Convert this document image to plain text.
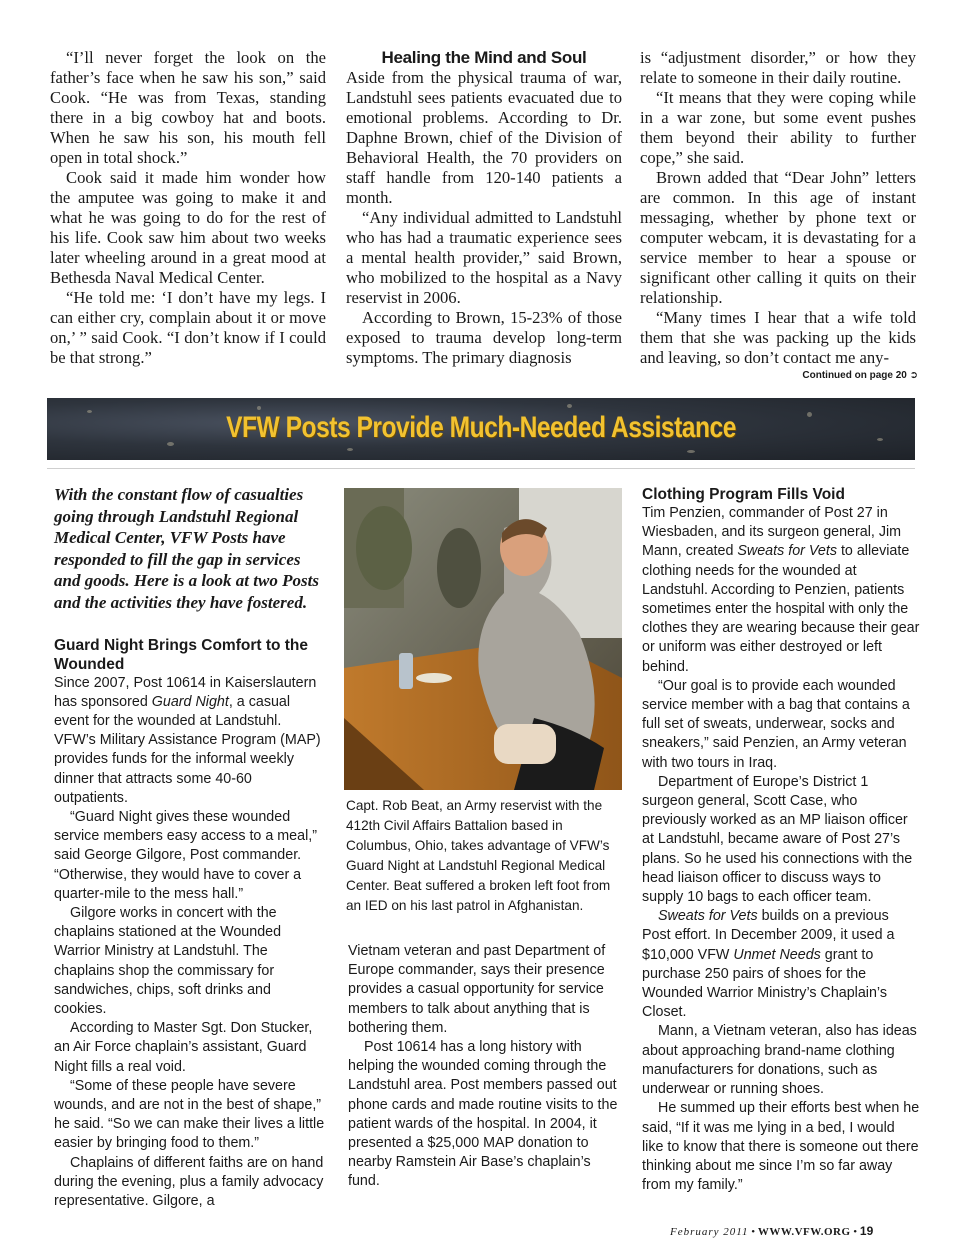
“I’ll never forget the look on the father’s face when he saw his son,” said Cook. “He was from Texas, standing there in a big cowboy hat and boots. When he saw his son, his mouth fell open in total shock.”

Cook said it made him wonder how the amputee was going to make it and what he was going to do for the rest of his life. Cook saw him about two weeks later wheeling around in a great mood at Bethesda Naval Medical Center.

“He told me: ‘I don’t have my legs. I can either cry, complain about it or move on,’ ” said Cook. “I don’t know if I could be that strong.”

Healing the Mind and Soul

Aside from the physical trauma of war, Landstuhl sees patients evacuated due to emotional problems. According to Dr. Daphne Brown, chief of the Division of Behavioral Health, the 70 providers on staff handle from 120-140 patients a month.

“Any individual admitted to Landstuhl who has had a traumatic experience sees a mental health provider,” said Brown, who mobilized to the hospital as a Navy reservist in 2006.

According to Brown, 15-23% of those exposed to trauma develop long-term symptoms. The primary diagnosis

is “adjustment disorder,” or how they relate to someone in their daily routine.

“It means that they were coping while in a war zone, but some event pushes them beyond their ability to further cope,” she said.

Brown added that “Dear John” letters are common. In this age of instant messaging, whether by phone text or computer webcam, it is devastating for a service member to hear a spouse or significant other calling it quits on their relationship.

“Many times I hear that a wife told them that she was packing up the kids and leaving, so don’t contact me any-

Continued on page 20 ➲
VFW Posts Provide Much-Needed Assistance

With the constant flow of casualties going through Landstuhl Regional Medical Center, VFW Posts have responded to fill the gap in services and goods. Here is a look at two Posts and the activities they have fostered.

Guard Night Brings Comfort to the Wounded

Since 2007, Post 10614 in Kaiserslautern has sponsored Guard Night, a casual event for the wounded at Landstuhl. VFW’s Military Assistance Program (MAP) provides funds for the informal weekly dinner that attracts some 40-60 outpatients.

“Guard Night gives these wounded service members easy access to a meal,” said George Gilgore, Post commander. “Otherwise, they would have to cover a quarter-mile to the mess hall.”

Gilgore works in concert with the chaplains stationed at the Wounded Warrior Ministry at Landstuhl. The chaplains shop the commissary for sandwiches, chips, soft drinks and cookies.

According to Master Sgt. Don Stucker, an Air Force chaplain’s assistant, Guard Night fills a real void.

“Some of these people have severe wounds, and are not in the best of shape,” he said. “So we can make their lives a little easier by bringing food to them.”

Chaplains of different faiths are on hand during the evening, plus a family advocacy representative. Gilgore, a

Capt. Rob Beat, an Army reservist with the 412th Civil Affairs Battalion based in Columbus, Ohio, takes advantage of VFW’s Guard Night at Landstuhl Regional Medical Center. Beat suffered a broken left foot from an IED on his last patrol in Afghanistan.

Vietnam veteran and past Department of Europe commander, says their presence provides a casual opportunity for service members to talk about anything that is bothering them.

Post 10614 has a long history with helping the wounded coming through the Landstuhl area. Post members passed out phone cards and made routine visits to the patient wards of the hospital. In 2004, it presented a $25,000 MAP donation to nearby Ramstein Air Base’s chaplain’s fund.

Clothing Program Fills Void

Tim Penzien, commander of Post 27 in Wiesbaden, and its surgeon general, Jim Mann, created Sweats for Vets to alleviate clothing needs for the wounded at Landstuhl. According to Penzien, patients sometimes enter the hospital with only the clothes they are wearing because their gear or uniform was either destroyed or left behind.

“Our goal is to provide each wounded service member with a bag that contains a full set of sweats, underwear, socks and sneakers,” said Penzien, an Army veteran with two tours in Iraq.

Department of Europe’s District 1 surgeon general, Scott Case, who previously worked as an MP liaison officer at Landstuhl, became aware of Post 27’s plans. So he used his connections with the head liaison officer to discuss ways to supply 10 bags to each officer team.

Sweats for Vets builds on a previous Post effort. In December 2009, it used a $10,000 VFW Unmet Needs grant to purchase 250 pairs of shoes for the Wounded Warrior Ministry’s Chaplain’s Closet.

Mann, a Vietnam veteran, also has ideas about approaching brand-name clothing manufacturers for donations, such as underwear or running shoes.

He summed up their efforts best when he said, “If it was me lying in a bed, I would like to know that there is someone out there thinking about me since I’m so far away from my family.”

February 2011 • WWW.VFW.ORG • 19
